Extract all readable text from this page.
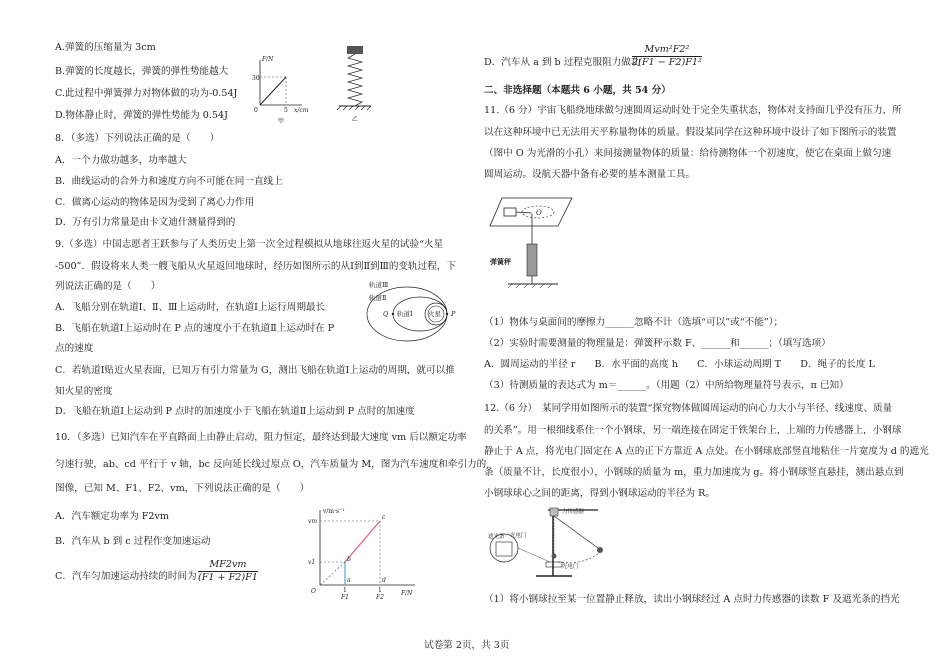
A.弹簧的压缩量为 3cm
B.弹簧的长度越长，弹簧的弹性势能越大
C.此过程中弹簧弹力对物体做的功为-0.54J
D.物体静止时，弹簧的弹性势能为 0.54J
F/N
30
0	5 x/cm
甲	乙
8．（多选）下列说法正确的是（　　）
A．一个力做功越多，功率越大
B．曲线运动的合外力和速度方向不可能在同一直线上
C．做离心运动的物体是因为受到了离心力作用
D．万有引力常量是由卡文迪什测量得到的
9.（多选）中国志愿者王跃参与了人类历史上第一次全过程模拟从地球往返火星的试验“火星
-500”．假设将来人类一艘飞船从火星返回地球时，经历如图所示的从Ⅰ到Ⅱ到Ⅲ的变轨过程，下
列说法正确的是（　　）
A．飞船分别在轨道Ⅰ、Ⅱ、Ⅲ上运动时，在轨道Ⅰ上运行周期最长
B．飞船在轨道Ⅰ上运动时在 P 点的速度小于在轨道Ⅱ上运动时在 P
点的速度
C．若轨道Ⅰ贴近火星表面，已知万有引力常量为 G，测出飞船在轨道Ⅰ上运动的周期，就可以推
知火星的密度
D．飞船在轨道Ⅰ上运动到 P 点时的加速度小于飞船在轨道Ⅱ上运动到 P 点时的加速度
轨道Ⅲ
轨道Ⅱ
轨道Ⅰ 火星
Q	P
10．（多选）已知汽车在平直路面上由静止启动，阻力恒定，最终达到最大速度 vm 后以额定功率
匀速行驶，ab、cd 平行于 v 轴，bc 反向延长线过原点 O，汽车质量为 M，图为汽车速度和牵引力的
图像，已知 M、F1、F2、vm，下列说法正确的是（　　）
A．汽车额定功率为 F2vm
B．汽车从 b 到 c 过程作变加速运动
C．汽车匀加速运动持续的时间为 $\frac{MF2vm}{(F1 + F2)F1}$
v/m·s⁻¹
vm
v1
O
a
b
c
d
1
F1
1
F2
F/N
D．汽车从 a 到 b 过程克服阻力做功
Mvm²F2²
2(F1 − F2)F1²
二、非选择题（本题共 6 小题，共 54 分）
11.（6 分）宇宙飞船绕地球做匀速圆周运动时处于完全失重状态，物体对支持面几乎没有压力，所
以在这种环境中已无法用天平称量物体的质量。假设某同学在这种环境中设计了如下图所示的装置
（图中 O 为光滑的小孔）来间接测量物体的质量：给待测物体一个初速度，使它在桌面上做匀速
圆周运动。设航天器中备有必要的基本测量工具。
O
弹簧秤
（1）物体与桌面间的摩擦力______忽略不计（选填“可以”或“不能”）；
（2）实验时需要测量的物理量是：弹簧秤示数 F、______和______；（填写选项）
A．圆周运动的半径 r　　B．水平面的高度 h　　C．小球运动周期 T　　D．绳子的长度 L
（3）待测质量的表达式为 m＝______。（用题（2）中所给物理量符号表示，π 已知）
12.（6 分）　某同学用如图所示的装置“探究物体做圆周运动的向心力大小与半径、线速度、质量
的关系”。用一根细线系住一个小钢球，另一端连接在固定于铁架台上，上端的力传感器上，小钢球
静止于 A 点，将光电门固定在 A 点的正下方靠近 A 点处。在小钢球底部竖直地粘住一片宽度为 d 的遮光
条（质量不计，长度很小），小钢球的质量为 m，重力加速度为 g。将小钢球竖直悬挂，测出悬点到
小钢球球心之间的距离，得到小钢球运动的半径为 R。
力传感器
遮光条 光电门
光电门
（1）将小钢球拉至某一位置静止释放，读出小钢球经过 A 点时力传感器的读数 F 及遮光条的挡光
试卷第 2页，共 3页
